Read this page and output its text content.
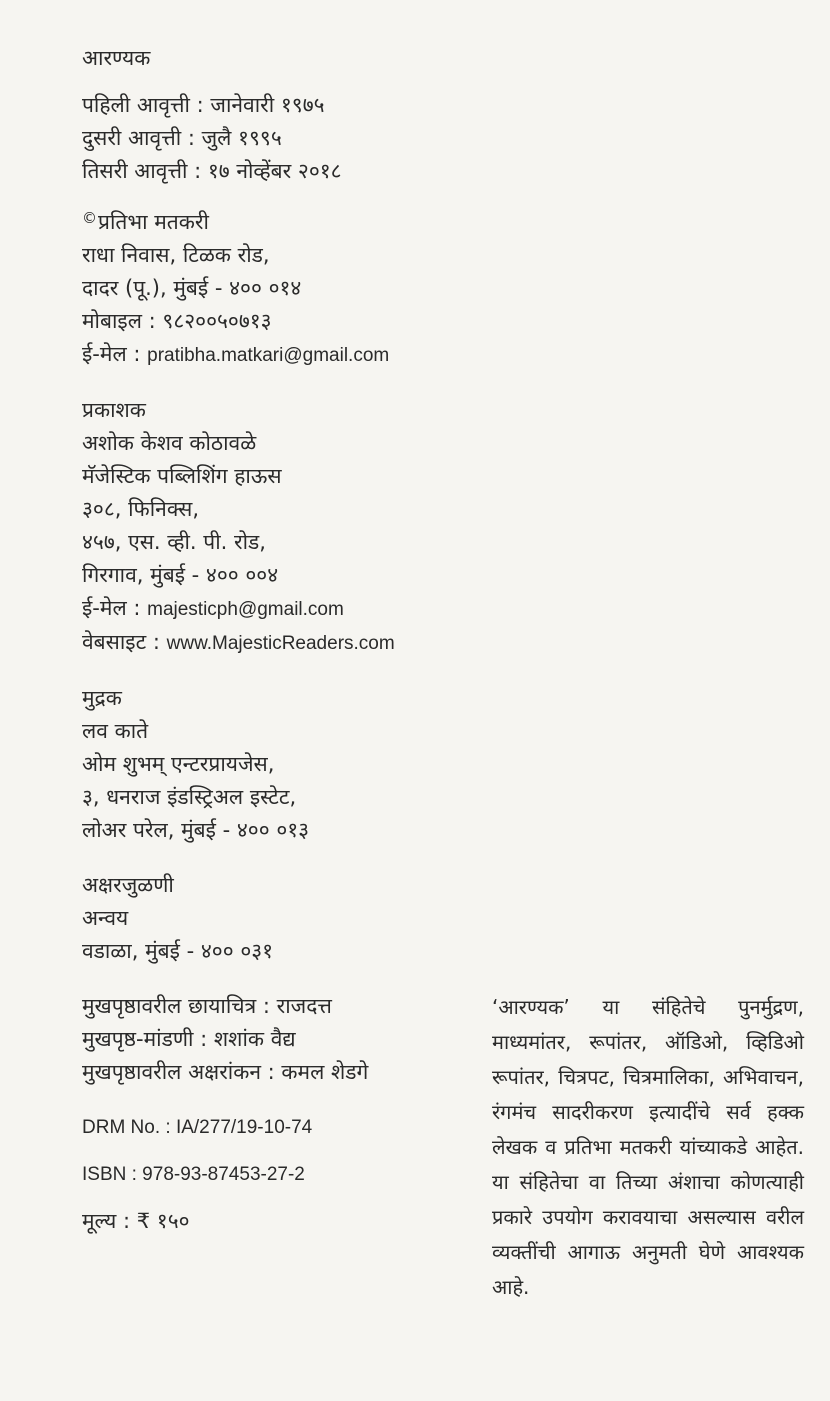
आरण्यक
पहिली आवृत्ती : जानेवारी १९७५
दुसरी आवृत्ती : जुलै १९९५
तिसरी आवृत्ती : १७ नोव्हेंबर २०१८
©प्रतिभा मतकरी
राधा निवास, टिळक रोड,
दादर (पू.), मुंबई - ४०० ०१४
मोबाइल : ९८२००५०७१३
ई-मेल : pratibha.matkari@gmail.com
प्रकाशक
अशोक केशव कोठावळे
मॅजेस्टिक पब्लिशिंग हाऊस
३०८, फिनिक्स,
४५७, एस. व्ही. पी. रोड,
गिरगाव, मुंबई - ४०० ००४
ई-मेल : majesticph@gmail.com
वेबसाइट : www.MajesticReaders.com
मुद्रक
लव काते
ओम शुभम् एन्टरप्रायजेस,
३, धनराज इंडस्ट्रिअल इस्टेट,
लोअर परेल, मुंबई - ४०० ०१३
अक्षरजुळणी
अन्वय
वडाळा, मुंबई - ४०० ०३१
मुखपृष्ठावरील छायाचित्र : राजदत्त
मुखपृष्ठ-मांडणी : शशांक वैद्य
मुखपृष्ठावरील अक्षरांकन : कमल शेडगे
DRM No. : IA/277/19-10-74
ISBN : 978-93-87453-27-2
मूल्य : ₹ १५०
‘आरण्यक’ या संहितेचे पुनर्मुद्रण, माध्यमांतर, रूपांतर, ऑडिओ, व्हिडिओ रूपांतर, चित्रपट, चित्रमालिका, अभिवाचन, रंगमंच सादरीकरण इत्यादींचे सर्व हक्क लेखक व प्रतिभा मतकरी यांच्याकडे आहेत. या संहितेचा वा तिच्या अंशाचा कोणत्याही प्रकारे उपयोग करावयाचा असल्यास वरील व्यक्तींची आगाऊ अनुमती घेणे आवश्यक आहे.
